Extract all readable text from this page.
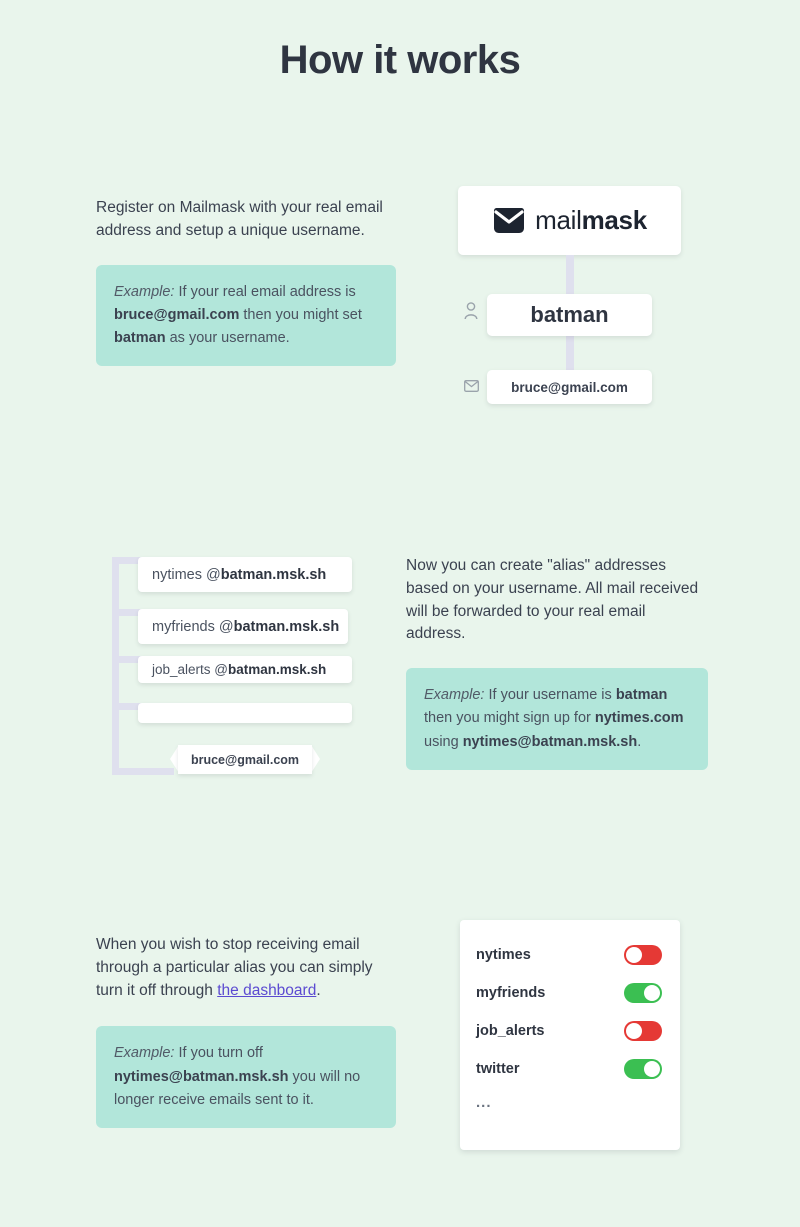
How it works
Register on Mailmask with your real email address and setup a unique username.
Example: If your real email address is bruce@gmail.com then you might set batman as your username.
mailmask
batman
bruce@gmail.com
nytimes @ batman.msk.sh
myfriends @ batman.msk.sh
job_alerts @ batman.msk.sh
bruce@gmail.com
Now you can create "alias" addresses based on your username. All mail received will be forwarded to your real email address.
Example: If your username is batman then you might sign up for nytimes.com using nytimes@batman.msk.sh.
When you wish to stop receiving email through a particular alias you can simply turn it off through the dashboard.
Example: If you turn off nytimes@batman.msk.sh you will no longer receive emails sent to it.
nytimes
myfriends
job_alerts
twitter
...
